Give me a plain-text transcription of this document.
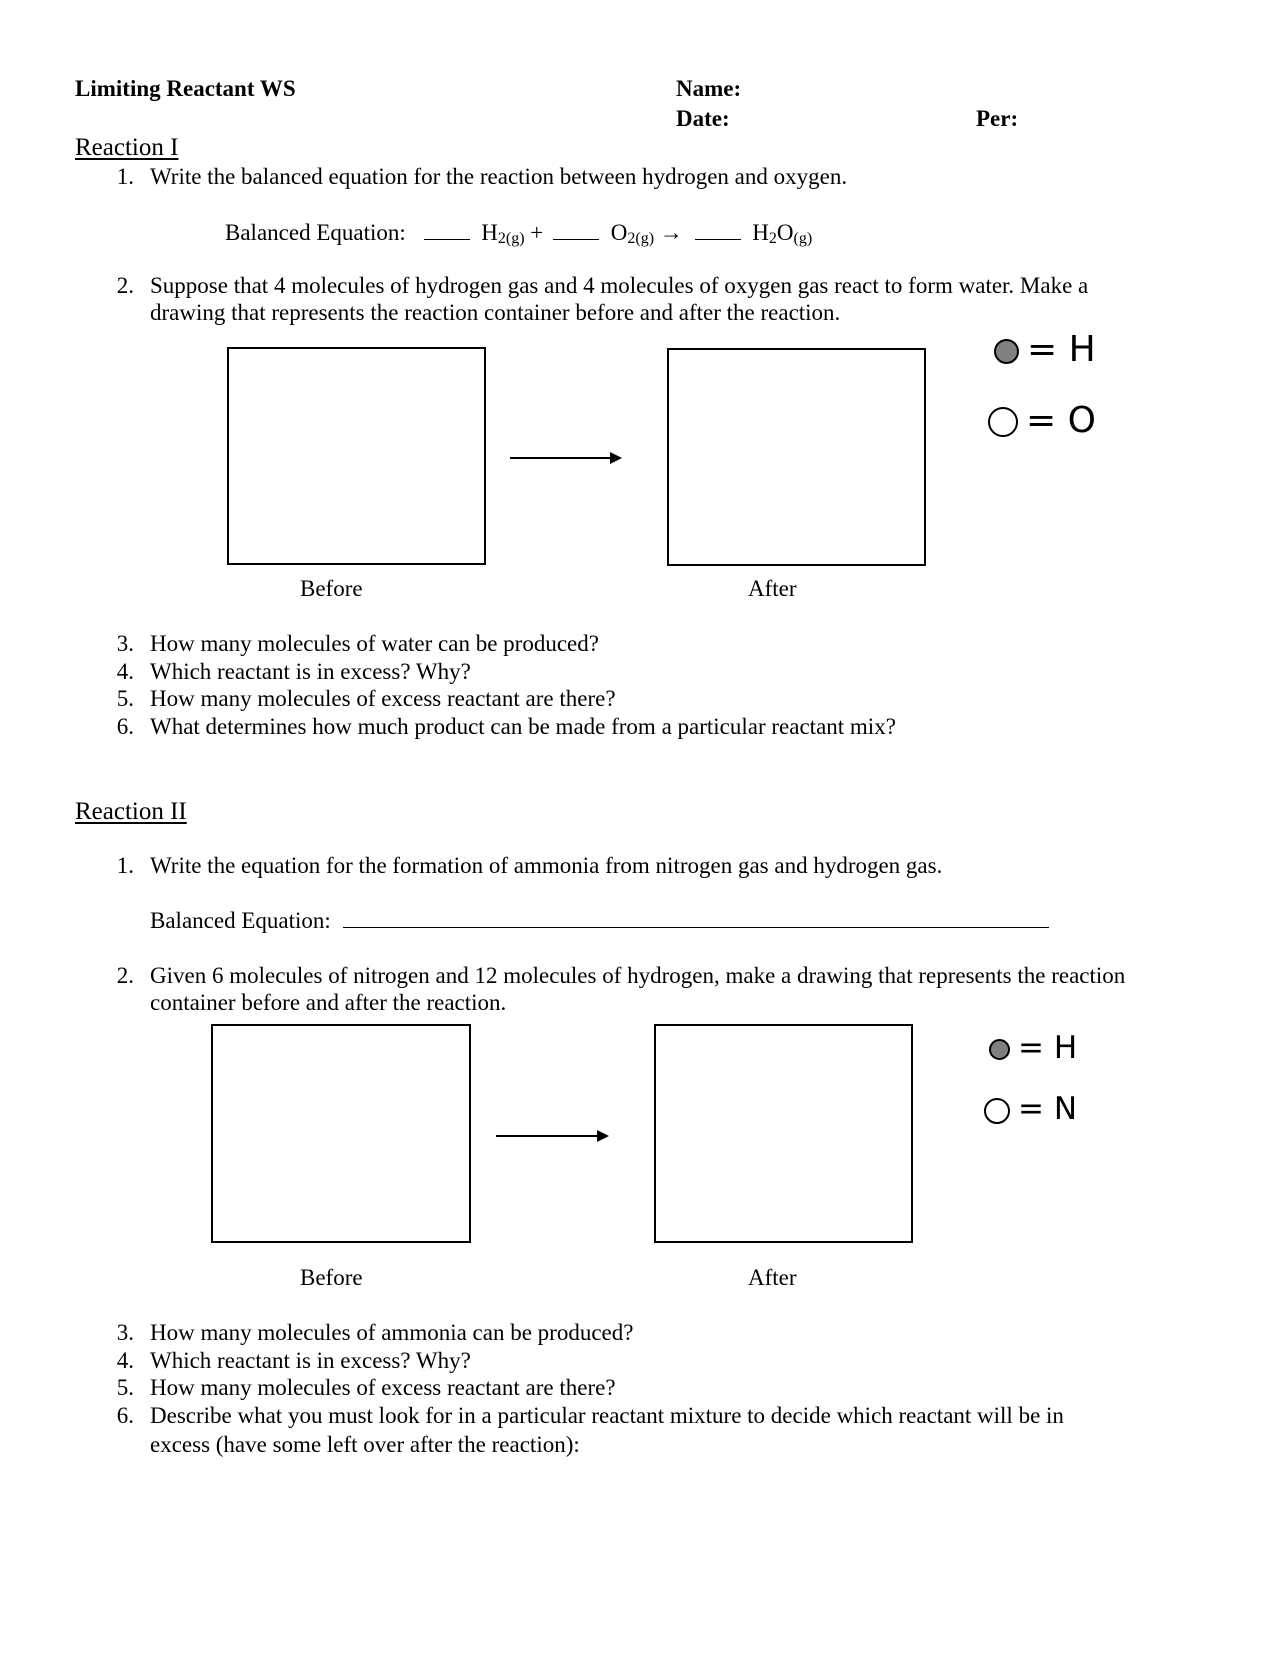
Limiting Reactant WS	Name:
Date:	Per:
Reaction I
1. Write the balanced equation for the reaction between hydrogen and oxygen.
Balanced Equation:	$H_{2(g)}$ +	$O_{2(g)}$ →	$H_2O_{(g)}$
2. Suppose that 4 molecules of hydrogen gas and 4 molecules of oxygen gas react to form water. Make a
drawing that represents the reaction container before and after the reaction.
= H
= O
Before	After
3. How many molecules of water can be produced?
4. Which reactant is in excess? Why?
5. How many molecules of excess reactant are there?
6. What determines how much product can be made from a particular reactant mix?
Reaction II
1. Write the equation for the formation of ammonia from nitrogen gas and hydrogen gas.
Balanced Equation:
2. Given 6 molecules of nitrogen and 12 molecules of hydrogen, make a drawing that represents the reaction
container before and after the reaction.
= H
= N
Before	After
3. How many molecules of ammonia can be produced?
4. Which reactant is in excess? Why?
5. How many molecules of excess reactant are there?
6. Describe what you must look for in a particular reactant mixture to decide which reactant will be in
excess (have some left over after the reaction):
